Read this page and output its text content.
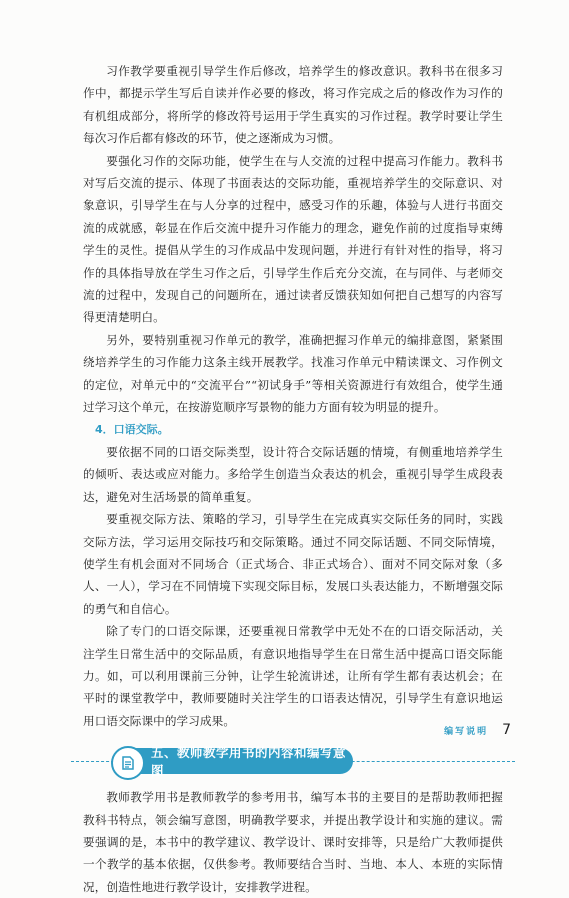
习作教学要重视引导学生作后修改，培养学生的修改意识。教科书在很多习作中，都提示学生写后自读并作必要的修改，将习作完成之后的修改作为习作的有机组成部分，将所学的修改符号运用于学生真实的习作过程。教学时要让学生每次习作后都有修改的环节，使之逐渐成为习惯。

要强化习作的交际功能，使学生在与人交流的过程中提高习作能力。教科书对写后交流的提示、体现了书面表达的交际功能，重视培养学生的交际意识、对象意识，引导学生在与人分享的过程中，感受习作的乐趣，体验与人进行书面交流的成就感，彰显在作后交流中提升习作能力的理念，避免作前的过度指导束缚学生的灵性。提倡从学生的习作成品中发现问题，并进行有针对性的指导，将习作的具体指导放在学生习作之后，引导学生作后充分交流，在与同伴、与老师交流的过程中，发现自己的问题所在，通过读者反馈获知如何把自己想写的内容写得更清楚明白。

另外，要特别重视习作单元的教学，准确把握习作单元的编排意图，紧紧围绕培养学生的习作能力这条主线开展教学。找准习作单元中精读课文、习作例文的定位，对单元中的“交流平台”“初试身手”等相关资源进行有效组合，使学生通过学习这个单元，在按游览顺序写景物的能力方面有较为明显的提升。

4．口语交际。

要依据不同的口语交际类型，设计符合交际话题的情境，有侧重地培养学生的倾听、表达或应对能力。多给学生创造当众表达的机会，重视引导学生成段表达，避免对生活场景的简单重复。

要重视交际方法、策略的学习，引导学生在完成真实交际任务的同时，实践交际方法，学习运用交际技巧和交际策略。通过不同交际话题、不同交际情境，使学生有机会面对不同场合（正式场合、非正式场合）、面对不同交际对象（多人、一人），学习在不同情境下实现交际目标，发展口头表达能力，不断增强交际的勇气和自信心。

除了专门的口语交际课，还要重视日常教学中无处不在的口语交际活动，关注学生日常生活中的交际品质，有意识地指导学生在日常生活中提高口语交际能力。如，可以利用课前三分钟，让学生轮流讲述，让所有学生都有表达机会；在平时的课堂教学中，教师要随时关注学生的口语表达情况，引导学生有意识地运用口语交际课中的学习成果。

五、教师教学用书的内容和编写意图

教师教学用书是教师教学的参考用书，编写本书的主要目的是帮助教师把握教科书特点，领会编写意图，明确教学要求，并提出教学设计和实施的建议。需要强调的是，本书中的教学建议、教学设计、课时安排等，只是给广大教师提供一个教学的基本依据，仅供参考。教师要结合当时、当地、本人、本班的实际情况，创造性地进行教学设计，安排教学进程。

编写说明 7
